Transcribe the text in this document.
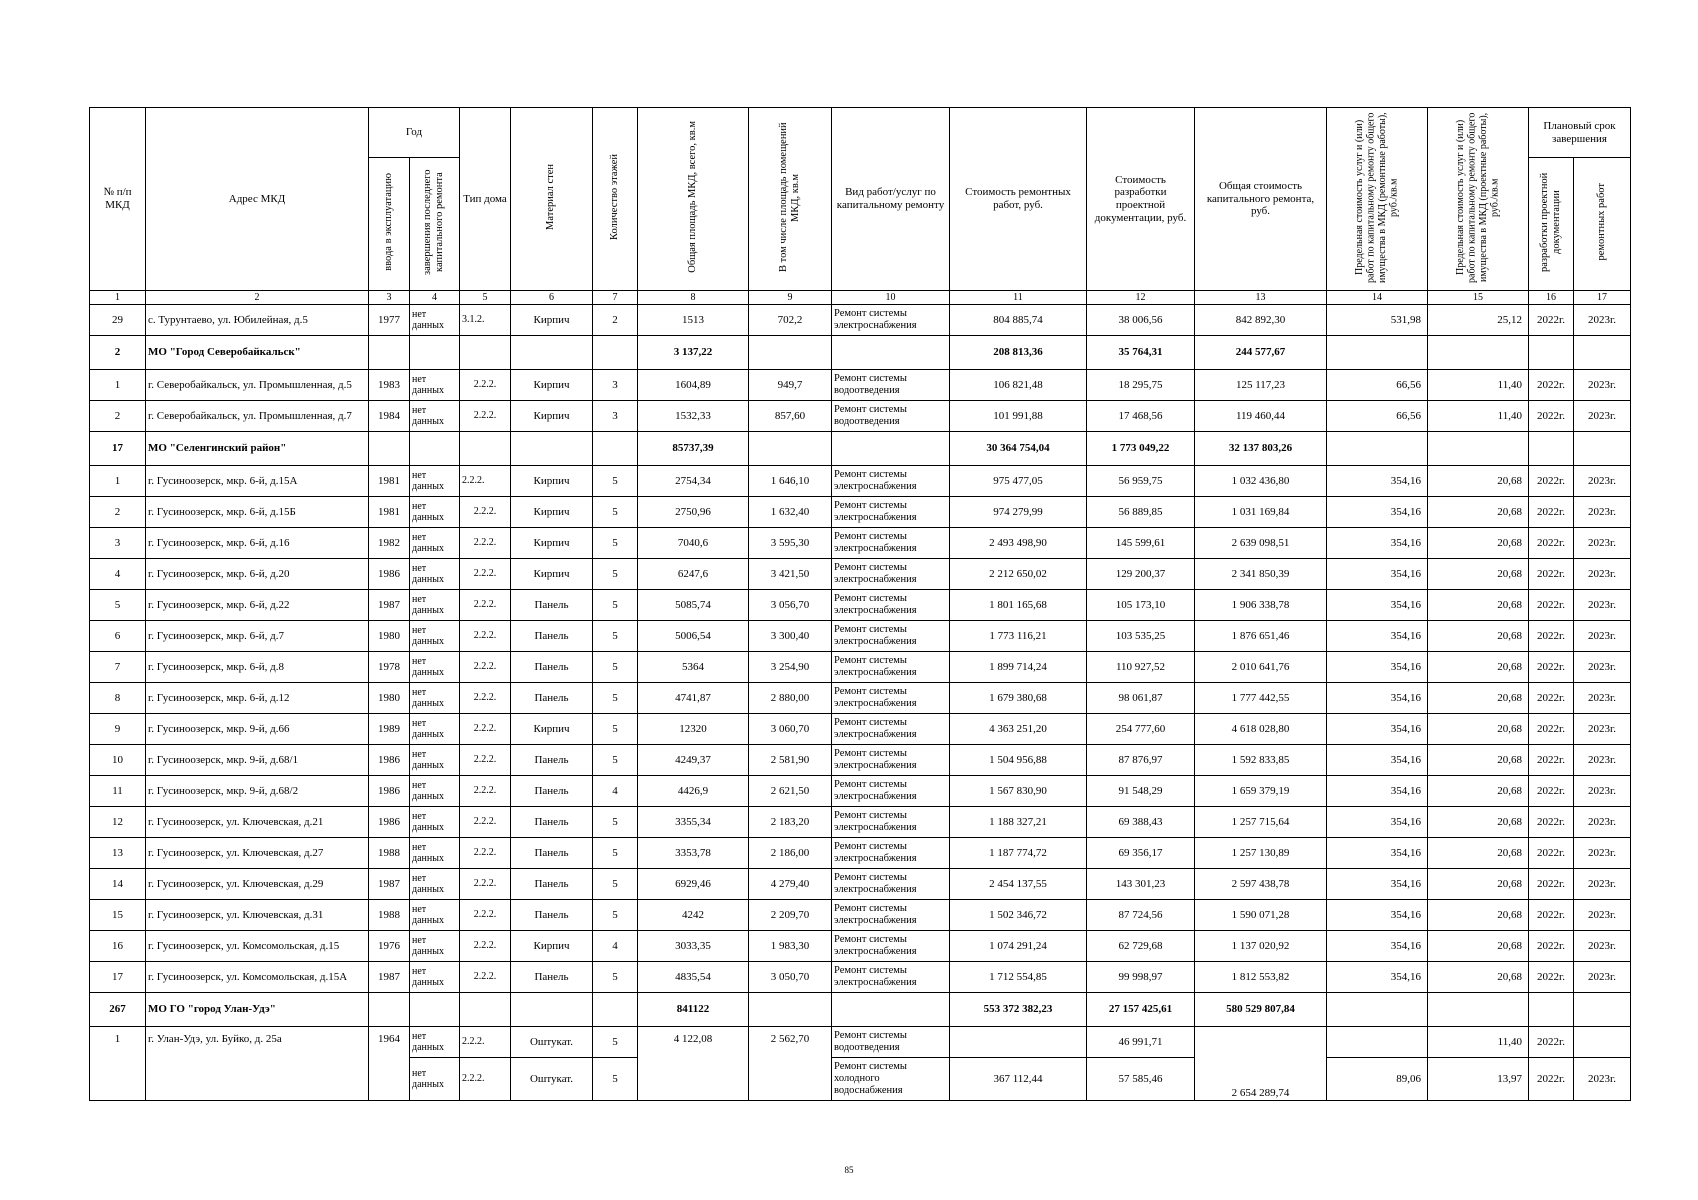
№ п/п МКД	Адрес МКД	Год		Тип дома	Материал стен	Количество этажей	Общая площадь МКД, всего, кв.м	В том числе площадь помещений МКД, кв.м	Вид работ/услуг по капитальному ремонту	Стоимость ремонтных работ, руб.	Стоимость разработки проектной документации, руб.	Общая стоимость капитального ремонта, руб.	Предельная стоимость услуг и (или) работ по капитальному ремонту общего имущества в МКД (ремонтные работы), руб./кв.м	Предельная стоимость услуг и (или) работ по капитальному ремонту общего имущества в МКД (проектные работы), руб./кв.м	Плановый срок завершения	
		ввода в эксплуатацию	завершения последнего капитального ремонта												разработки проектной документации	ремонтных работ
1	2	3	4	5	6	7	8	9	10	11	12	13	14	15	16	17
29	с. Турунтаево, ул. Юбилейная, д.5	1977	нет данных	3.1.2.	Кирпич	2	1513	702,2	Ремонт системы электроснабжения	804 885,74	38 006,56	842 892,30	531,98	25,12	2022г.	2023г.
2	МО "Город Северобайкальск"						3 137,22			208 813,36	35 764,31	244 577,67				
1	г. Северобайкальск, ул. Промышленная, д.5	1983	нет данных	2.2.2.	Кирпич	3	1604,89	949,7	Ремонт системы водоотведения	106 821,48	18 295,75	125 117,23	66,56	11,40	2022г.	2023г.
2	г. Северобайкальск, ул. Промышленная, д.7	1984	нет данных	2.2.2.	Кирпич	3	1532,33	857,60	Ремонт системы водоотведения	101 991,88	17 468,56	119 460,44	66,56	11,40	2022г.	2023г.
17	МО "Селенгинский район"						85737,39			30 364 754,04	1 773 049,22	32 137 803,26				
1	г. Гусиноозерск, мкр. 6-й, д.15А	1981	нет данных	2.2.2.	Кирпич	5	2754,34	1 646,10	Ремонт системы электроснабжения	975 477,05	56 959,75	1 032 436,80	354,16	20,68	2022г.	2023г.
2	г. Гусиноозерск, мкр. 6-й, д.15Б	1981	нет данных	2.2.2.	Кирпич	5	2750,96	1 632,40	Ремонт системы электроснабжения	974 279,99	56 889,85	1 031 169,84	354,16	20,68	2022г.	2023г.
3	г. Гусиноозерск, мкр. 6-й, д.16	1982	нет данных	2.2.2.	Кирпич	5	7040,6	3 595,30	Ремонт системы электроснабжения	2 493 498,90	145 599,61	2 639 098,51	354,16	20,68	2022г.	2023г.
4	г. Гусиноозерск, мкр. 6-й, д.20	1986	нет данных	2.2.2.	Кирпич	5	6247,6	3 421,50	Ремонт системы электроснабжения	2 212 650,02	129 200,37	2 341 850,39	354,16	20,68	2022г.	2023г.
5	г. Гусиноозерск, мкр. 6-й, д.22	1987	нет данных	2.2.2.	Панель	5	5085,74	3 056,70	Ремонт системы электроснабжения	1 801 165,68	105 173,10	1 906 338,78	354,16	20,68	2022г.	2023г.
6	г. Гусиноозерск, мкр. 6-й, д.7	1980	нет данных	2.2.2.	Панель	5	5006,54	3 300,40	Ремонт системы электроснабжения	1 773 116,21	103 535,25	1 876 651,46	354,16	20,68	2022г.	2023г.
7	г. Гусиноозерск, мкр. 6-й, д.8	1978	нет данных	2.2.2.	Панель	5	5364	3 254,90	Ремонт системы электроснабжения	1 899 714,24	110 927,52	2 010 641,76	354,16	20,68	2022г.	2023г.
8	г. Гусиноозерск, мкр. 6-й, д.12	1980	нет данных	2.2.2.	Панель	5	4741,87	2 880,00	Ремонт системы электроснабжения	1 679 380,68	98 061,87	1 777 442,55	354,16	20,68	2022г.	2023г.
9	г. Гусиноозерск, мкр. 9-й, д.66	1989	нет данных	2.2.2.	Кирпич	5	12320	3 060,70	Ремонт системы электроснабжения	4 363 251,20	254 777,60	4 618 028,80	354,16	20,68	2022г.	2023г.
10	г. Гусиноозерск, мкр. 9-й, д.68/1	1986	нет данных	2.2.2.	Панель	5	4249,37	2 581,90	Ремонт системы электроснабжения	1 504 956,88	87 876,97	1 592 833,85	354,16	20,68	2022г.	2023г.
11	г. Гусиноозерск, мкр. 9-й, д.68/2	1986	нет данных	2.2.2.	Панель	4	4426,9	2 621,50	Ремонт системы электроснабжения	1 567 830,90	91 548,29	1 659 379,19	354,16	20,68	2022г.	2023г.
12	г. Гусиноозерск, ул. Ключевская, д.21	1986	нет данных	2.2.2.	Панель	5	3355,34	2 183,20	Ремонт системы электроснабжения	1 188 327,21	69 388,43	1 257 715,64	354,16	20,68	2022г.	2023г.
13	г. Гусиноозерск, ул. Ключевская, д.27	1988	нет данных	2.2.2.	Панель	5	3353,78	2 186,00	Ремонт системы электроснабжения	1 187 774,72	69 356,17	1 257 130,89	354,16	20,68	2022г.	2023г.
14	г. Гусиноозерск, ул. Ключевская, д.29	1987	нет данных	2.2.2.	Панель	5	6929,46	4 279,40	Ремонт системы электроснабжения	2 454 137,55	143 301,23	2 597 438,78	354,16	20,68	2022г.	2023г.
15	г. Гусиноозерск, ул. Ключевская, д.31	1988	нет данных	2.2.2.	Панель	5	4242	2 209,70	Ремонт системы электроснабжения	1 502 346,72	87 724,56	1 590 071,28	354,16	20,68	2022г.	2023г.
16	г. Гусиноозерск, ул. Комсомольская, д.15	1976	нет данных	2.2.2.	Кирпич	4	3033,35	1 983,30	Ремонт системы электроснабжения	1 074 291,24	62 729,68	1 137 020,92	354,16	20,68	2022г.	2023г.
17	г. Гусиноозерск, ул. Комсомольская, д.15А	1987	нет данных	2.2.2.	Панель	5	4835,54	3 050,70	Ремонт системы электроснабжения	1 712 554,85	99 998,97	1 812 553,82	354,16	20,68	2022г.	2023г.
267	МО ГО "город Улан-Удэ"						841122			553 372 382,23	27 157 425,61	580 529 807,84				
1	г. Улан-Удэ, ул. Буйко, д. 25а	1964	нет данных	2.2.2.	Оштукат.	5	4 122,08	2 562,70	Ремонт системы водоотведения		46 991,71	2 654 289,74		11,40	2022г.	
			нет данных	2.2.2.	Оштукат.	5			Ремонт системы холодного водоснабжения	367 112,44	57 585,46		89,06	13,97	2022г.	2023г.
85
